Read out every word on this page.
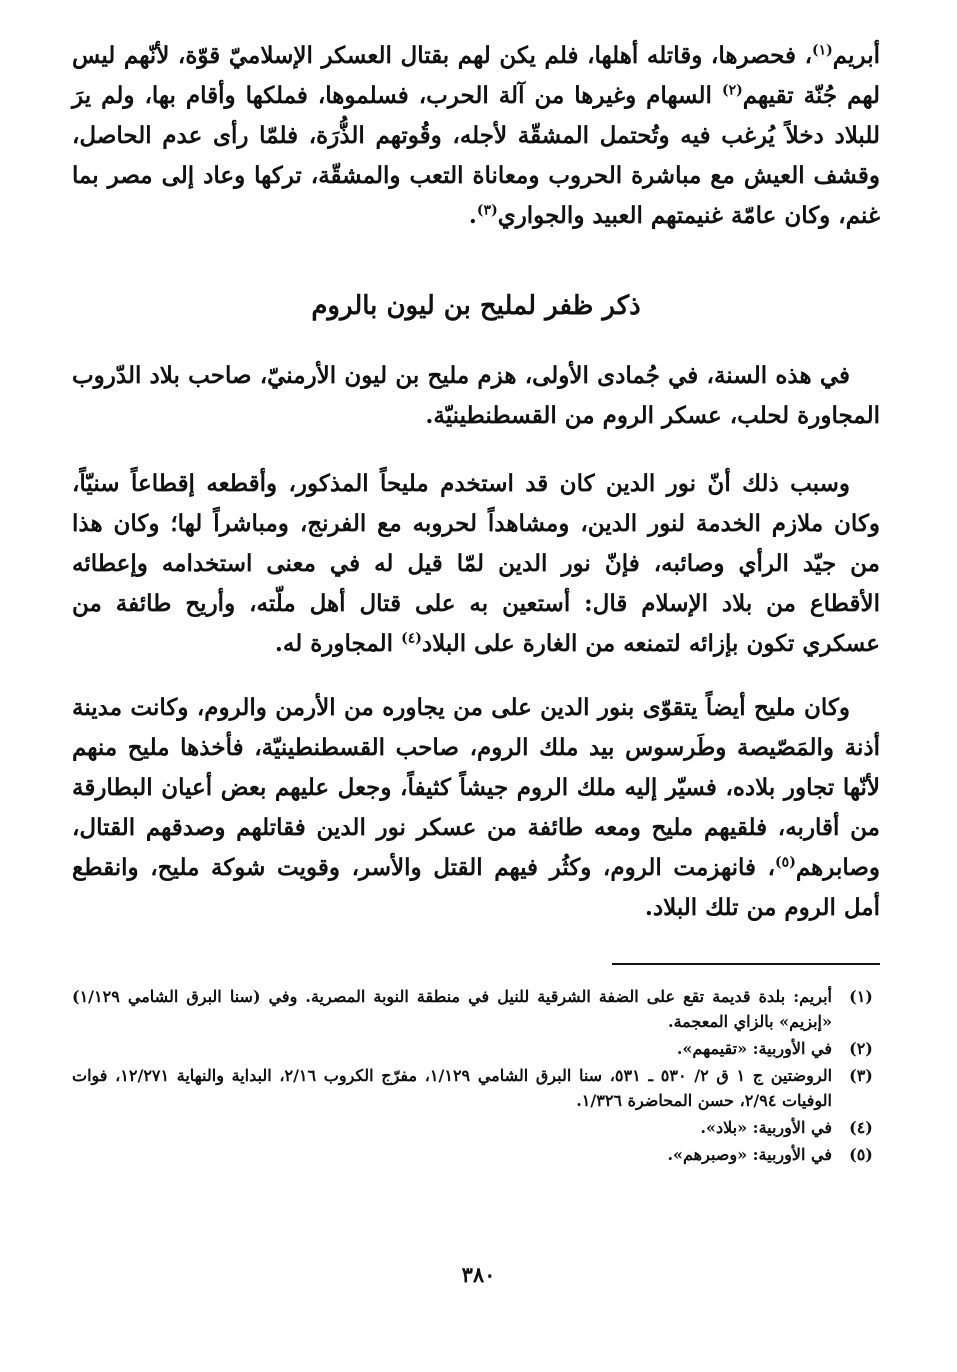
أبريم$^{(١)}$، فحصرها، وقاتله أهلها، فلم يكن لهم بقتال العسكر الإسلاميّ قوّة، لأنّهم ليس لهم جُنّة تقيهم$^{(٢)}$ السهام وغيرها من آلة الحرب، فسلموها، فملكها وأقام بها، ولم يرَ للبلاد دخلاً يُرغب فيه وتُحتمل المشقّة لأجله، وقُوتهم الذُّرَة، فلمّا رأى عدم الحاصل، وقشف العيش مع مباشرة الحروب ومعاناة التعب والمشقّة، تركها وعاد إلى مصر بما غنم، وكان عامّة غنيمتهم العبيد والجواري$^{(٣)}$.
ذكر ظفر لمليح بن ليون بالروم
في هذه السنة، في جُمادى الأولى، هزم مليح بن ليون الأرمنيّ، صاحب بلاد الدّروب المجاورة لحلب، عسكر الروم من القسطنطينيّة.
وسبب ذلك أنّ نور الدين كان قد استخدم مليحاً المذكور، وأقطعه إقطاعاً سنيّاً، وكان ملازم الخدمة لنور الدين، ومشاهداً لحروبه مع الفرنج، ومباشراً لها؛ وكان هذا من جيّد الرأي وصائبه، فإنّ نور الدين لمّا قيل له في معنى استخدامه وإعطائه الأقطاع من بلاد الإسلام قال: أستعين به على قتال أهل ملّته، وأريح طائفة من عسكري تكون بإزائه لتمنعه من الغارة على البلاد$^{(٤)}$ المجاورة له.
وكان مليح أيضاً يتقوّى بنور الدين على من يجاوره من الأرمن والروم، وكانت مدينة أذنة والمَصّيصة وطَرسوس بيد ملك الروم، صاحب القسطنطينيّة، فأخذها مليح منهم لأنّها تجاور بلاده، فسيّر إليه ملك الروم جيشاً كثيفاً، وجعل عليهم بعض أعيان البطارقة من أقاربه، فلقيهم مليح ومعه طائفة من عسكر نور الدين فقاتلهم وصدقهم القتال، وصابرهم$^{(٥)}$، فانهزمت الروم، وكثُر فيهم القتل والأسر، وقويت شوكة مليح، وانقطع أمل الروم من تلك البلاد.
(١)
أبريم: بلدة قديمة تقع على الضفة الشرقية للنيل في منطقة النوبة المصرية. وفي (سنا البرق الشامي ١/١٢٩) «إبزيم» بالزاي المعجمة.
(٢)
في الأوربية: «تقيمهم».
(٣)
الروضتين ج ١ ق ٢/ ٥٣٠ ـ ٥٣١، سنا البرق الشامي ١/١٢٩، مفرّج الكروب ٢/١٦، البداية والنهاية ١٢/٢٧١، فوات الوفيات ٢/٩٤، حسن المحاضرة ١/٣٢٦.
(٤)
في الأوربية: «بلاد».
(٥)
في الأوربية: «وصبرهم».
٣٨٠
